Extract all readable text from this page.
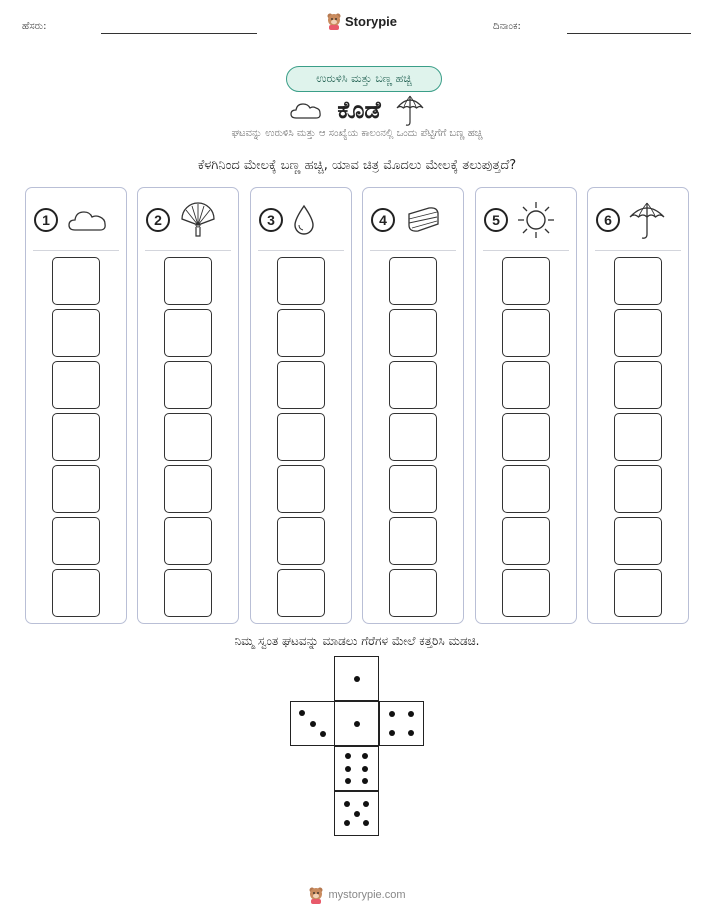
ಹೆಸರು:	Storypie	ದಿನಾಂಕ:
ಉರುಳಿಸಿ ಮತ್ತು ಬಣ್ಣ ಹಚ್ಚಿ
ಕೊಡೆ
ಘಟವನ್ನು ಉರುಳಿಸಿ ಮತ್ತು ಆ ಸಂಖ್ಯೆಯ ಕಾಲಂನಲ್ಲಿ ಒಂದು ಪೆಟ್ಟಿಗೆಗೆ ಬಣ್ಣ ಹಚ್ಚಿ
ಕೆಳಗಿನಿಂದ ಮೇಲಕ್ಕೆ ಬಣ್ಣ ಹಚ್ಚಿ, ಯಾವ ಚಿತ್ರ ಮೊದಲು ಮೇಲಕ್ಕೆ ತಲುಪುತ್ತದೆ?
1	2	3	4	5	6
ನಿಮ್ಮ ಸ್ವಂತ ಘಟವನ್ನು ಮಾಡಲು ಗೆರೆಗಳ ಮೇಲೆ ಕತ್ತರಿಸಿ ಮಡಚಿ.
mystorypie.com
